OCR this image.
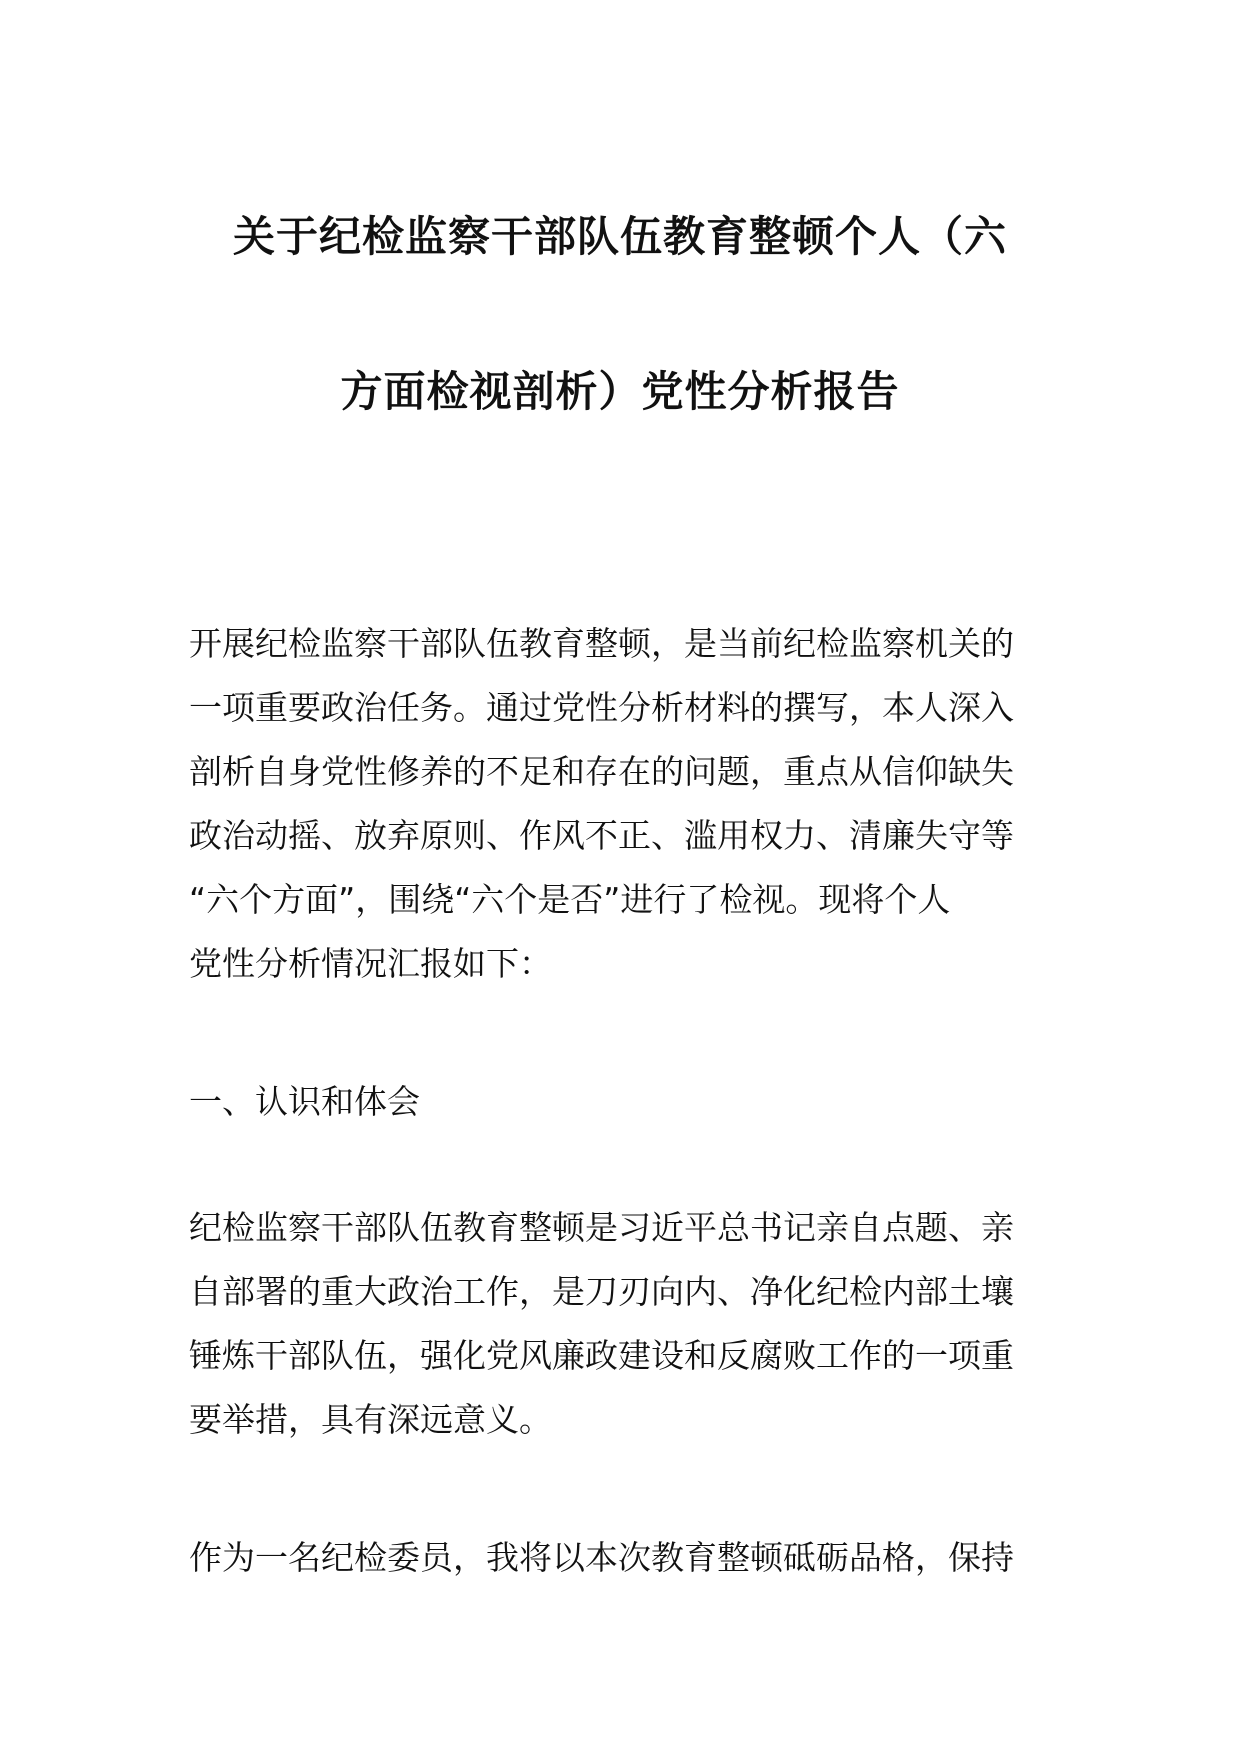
关于纪检监察干部队伍教育整顿个人（六
方面检视剖析）党性分析报告

开展纪检监察干部队伍教育整顿，是当前纪检监察机关的
一项重要政治任务。通过党性分析材料的撰写，本人深入
剖析自身党性修养的不足和存在的问题，重点从信仰缺失
政治动摇、放弃原则、作风不正、滥用权力、清廉失守等
“六个方面”，围绕“六个是否”进行了检视。现将个人
党性分析情况汇报如下：

一、认识和体会

纪检监察干部队伍教育整顿是习近平总书记亲自点题、亲
自部署的重大政治工作，是刀刃向内、净化纪检内部土壤
锤炼干部队伍，强化党风廉政建设和反腐败工作的一项重
要举措，具有深远意义。

作为一名纪检委员，我将以本次教育整顿砥砺品格，保持
